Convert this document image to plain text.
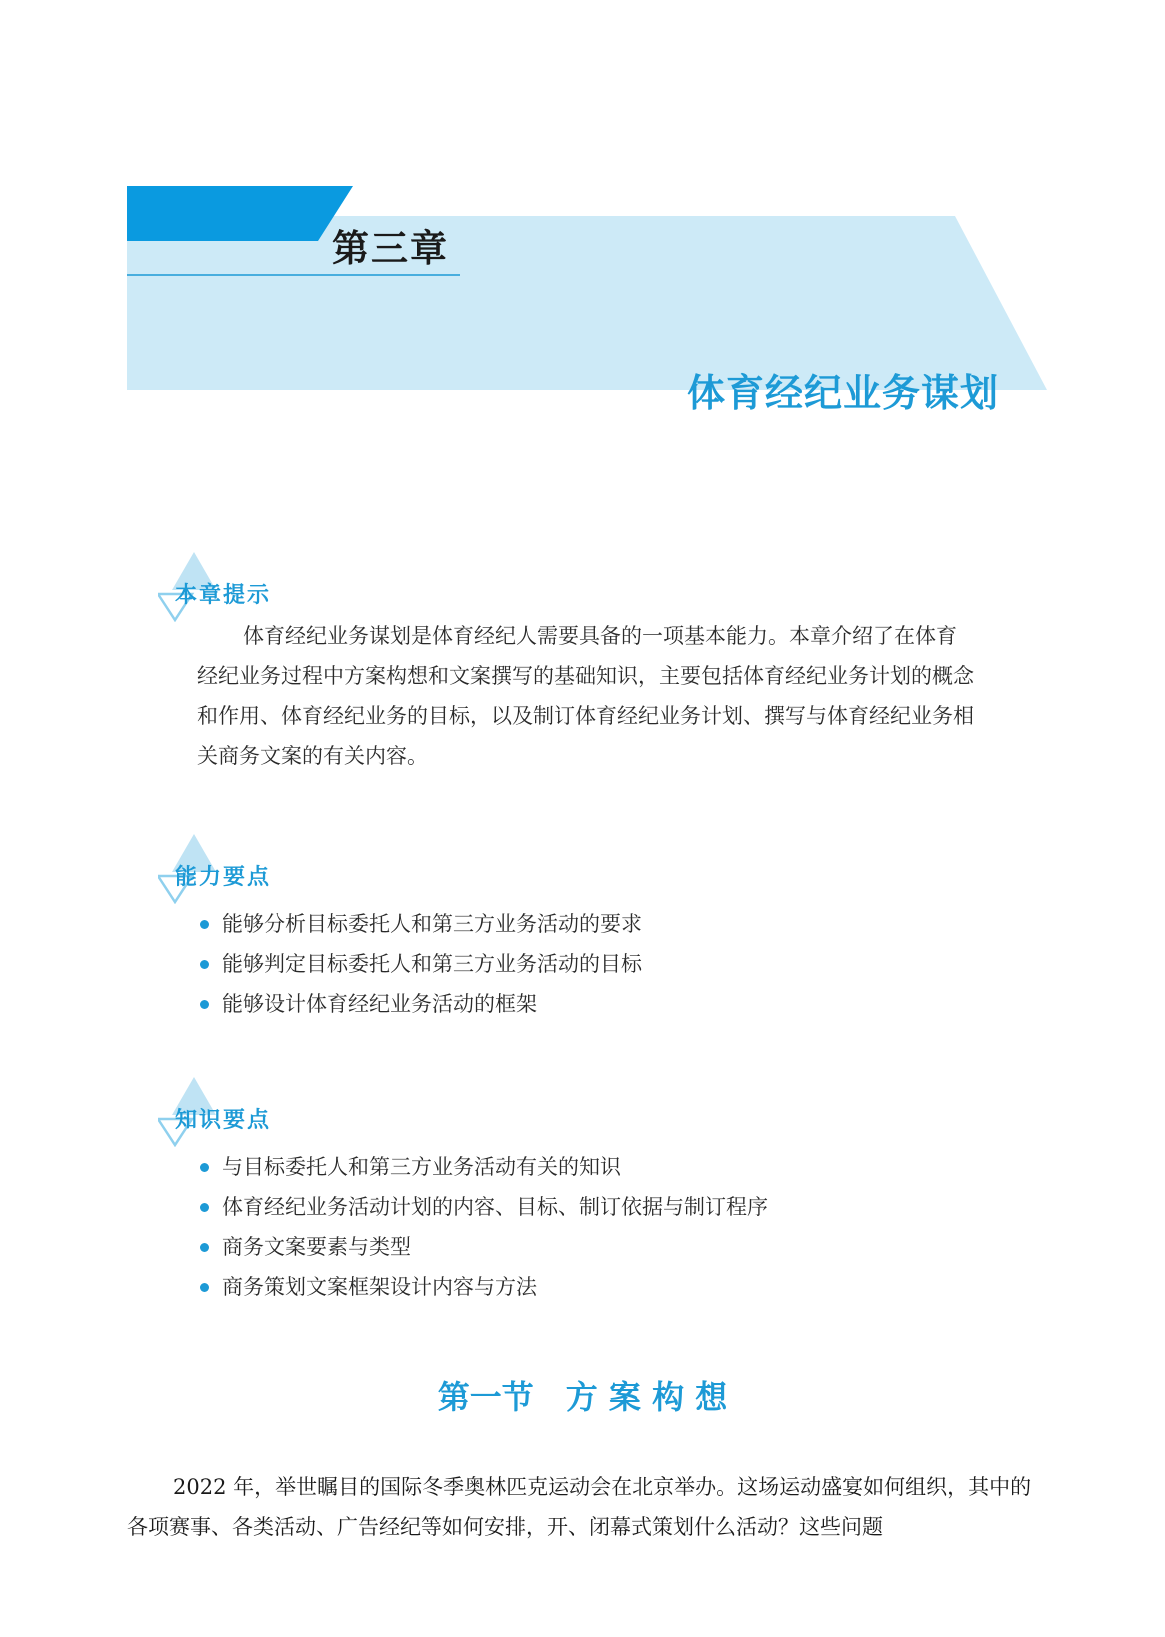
第三章
体育经纪业务谋划
本章提示

体育经纪业务谋划是体育经纪人需要具备的一项基本能力。本章介绍了在体育经纪业务过程中方案构想和文案撰写的基础知识，主要包括体育经纪业务计划的概念和作用、体育经纪业务的目标，以及制订体育经纪业务计划、撰写与体育经纪业务相关商务文案的有关内容。

能力要点
能够分析目标委托人和第三方业务活动的要求
能够判定目标委托人和第三方业务活动的目标
能够设计体育经纪业务活动的框架
知识要点
与目标委托人和第三方业务活动有关的知识
体育经纪业务活动计划的内容、目标、制订依据与制订程序
商务文案要素与类型
商务策划文案框架设计内容与方法
第一节　方 案 构 想

2022 年，举世瞩目的国际冬季奥林匹克运动会在北京举办。这场运动盛宴如何组织，其中的各项赛事、各类活动、广告经纪等如何安排，开、闭幕式策划什么活动？这些问题
